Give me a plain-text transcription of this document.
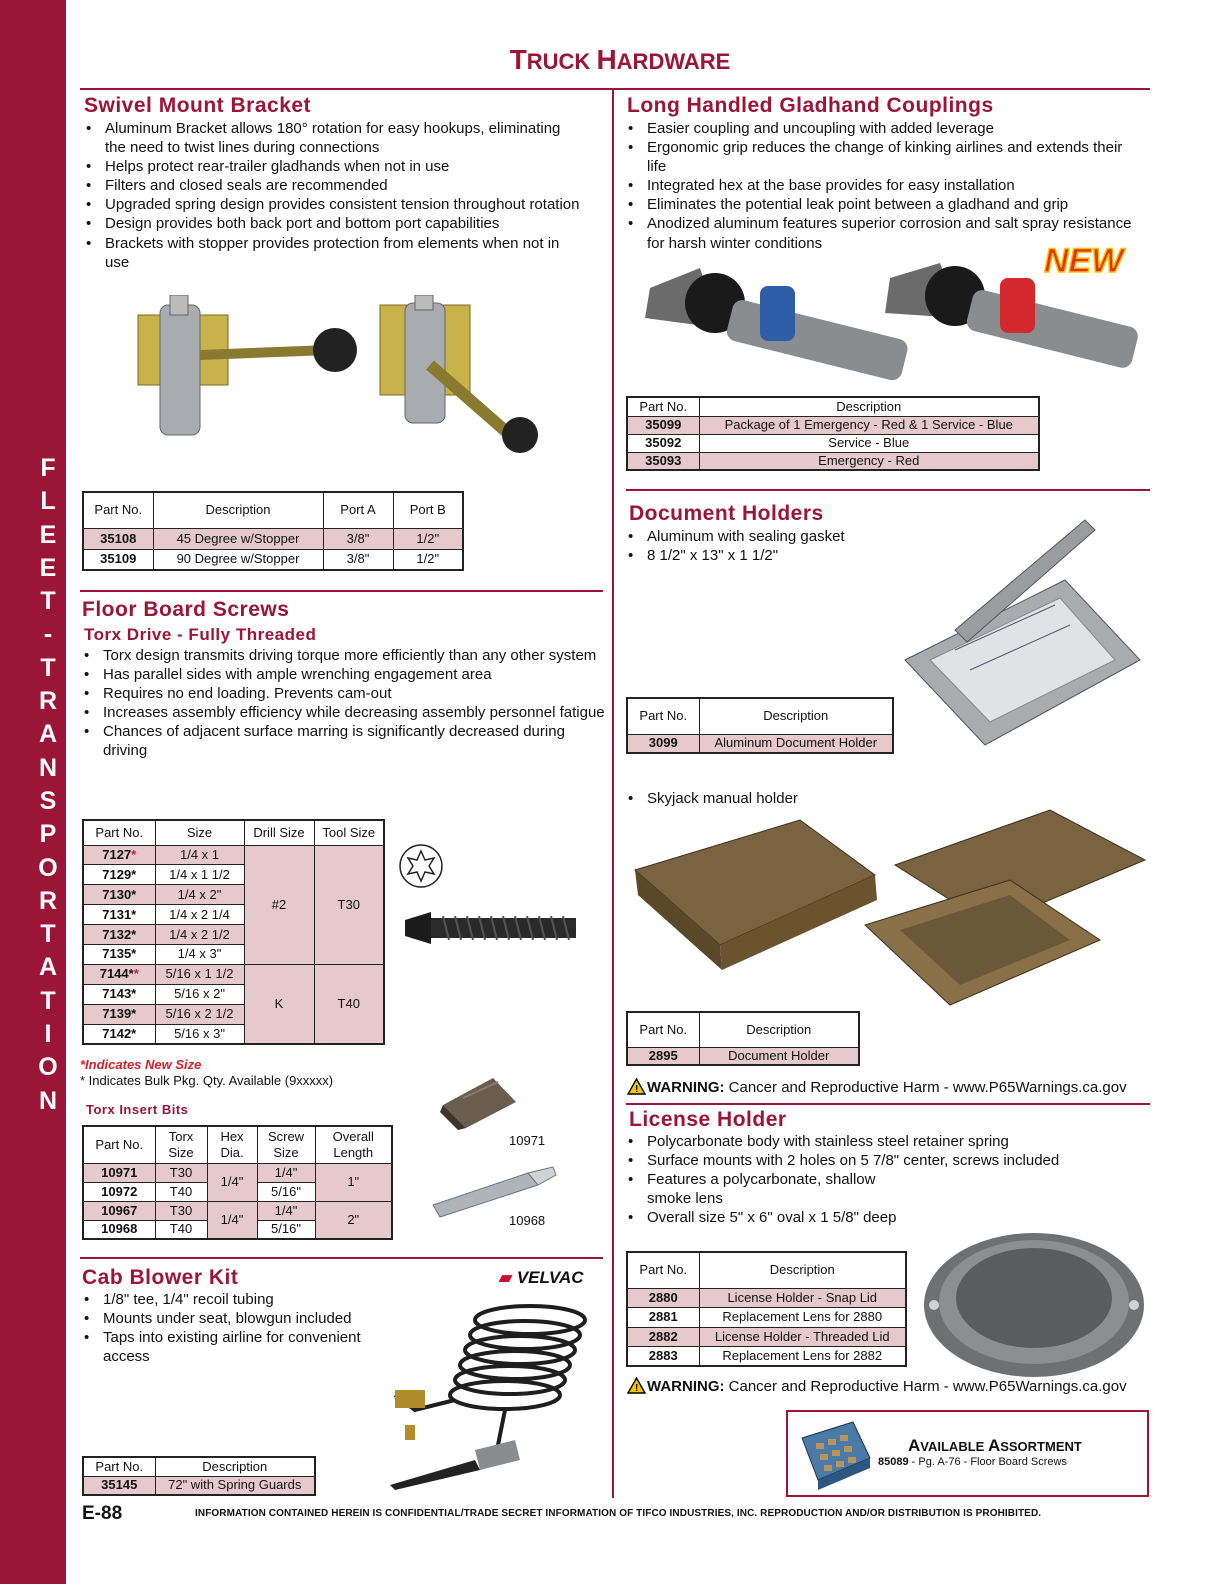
F
L
E
E
T
-
T
R
A
N
S
P
O
R
T
A
T
I
O
N
TRUCK HARDWARE
Swivel Mount Bracket
• Aluminum Bracket allows 180° rotation for easy hookups, eliminating the need to twist lines during connections
• Helps protect rear-trailer gladhands when not in use
• Filters and closed seals are recommended
• Upgraded spring design provides consistent tension throughout rotation
• Design provides both back port and bottom port capabilities
• Brackets with stopper provides protection from elements when not in use
Part No.	Description	Port A	Port B
35108	45 Degree w/Stopper	3/8"	1/2"
35109	90 Degree w/Stopper	3/8"	1/2"
Long Handled Gladhand Couplings
• Easier coupling and uncoupling with added leverage
• Ergonomic grip reduces the change of kinking airlines and extends their life
• Integrated hex at the base provides for easy installation
• Eliminates the potential leak point between a gladhand and grip
• Anodized aluminum features superior corrosion and salt spray resistance for harsh winter conditions	NEW
Part No.	Description
35099	Package of 1 Emergency - Red & 1 Service - Blue
35092	Service - Blue
35093	Emergency - Red
Document Holders
• Aluminum with sealing gasket
• 8 1/2" x 13" x 1 1/2"
Part No.	Description
3099	Aluminum Document Holder
• Skyjack manual holder
Part No.	Description
2895	Document Holder
! WARNING: Cancer and Reproductive Harm - www.P65Warnings.ca.gov
Floor Board Screws
Torx Drive - Fully Threaded
• Torx design transmits driving torque more efficiently than any other system
• Has parallel sides with ample wrenching engagement area
• Requires no end loading. Prevents cam-out
• Increases assembly efficiency while decreasing assembly personnel fatigue
• Chances of adjacent surface marring is significantly decreased during driving
Part No.	Size	Drill Size	Tool Size
7127*	1/4 x 1	#2	T30
7129*	1/4 x 1 1/2		
7130*	1/4 x 2"		
7131*	1/4 x 2 1/4		
7132*	1/4 x 2 1/2		
7135*	1/4 x 3"		
7144**	5/16 x 1 1/2	K	T40
7143*	5/16 x 2"		
7139*	5/16 x 2 1/2		
7142*	5/16 x 3"		
*Indicates New Size
* Indicates Bulk Pkg. Qty. Available (9xxxxx)
Torx Insert Bits
Part No.	Torx Size	Hex Dia.	Screw Size	Overall Length
10971	T30	1/4"	1/4"	1"
10972	T40		5/16"	
10967	T30	1/4"	1/4"	2"
10968	T40		5/16"	
10971
10968
Cab Blower Kit	▰ VELVAC
• 1/8" tee, 1/4" recoil tubing
• Mounts under seat, blowgun included
• Taps into existing airline for convenient access
Part No.	Description
35145	72" with Spring Guards
License Holder
• Polycarbonate body with stainless steel retainer spring
• Surface mounts with 2 holes on 5 7/8" center, screws included
• Features a polycarbonate, shallow smoke lens
• Overall size 5" x 6" oval x 1 5/8" deep
Part No.	Description
2880	License Holder - Snap Lid
2881	Replacement Lens for 2880
2882	License Holder - Threaded Lid
2883	Replacement Lens for 2882
! WARNING: Cancer and Reproductive Harm - www.P65Warnings.ca.gov
AVAILABLE ASSORTMENT
85089 - Pg. A-76 - Floor Board Screws
E-88	INFORMATION CONTAINED HEREIN IS CONFIDENTIAL/TRADE SECRET INFORMATION OF TIFCO INDUSTRIES, INC. REPRODUCTION AND/OR DISTRIBUTION IS PROHIBITED.
